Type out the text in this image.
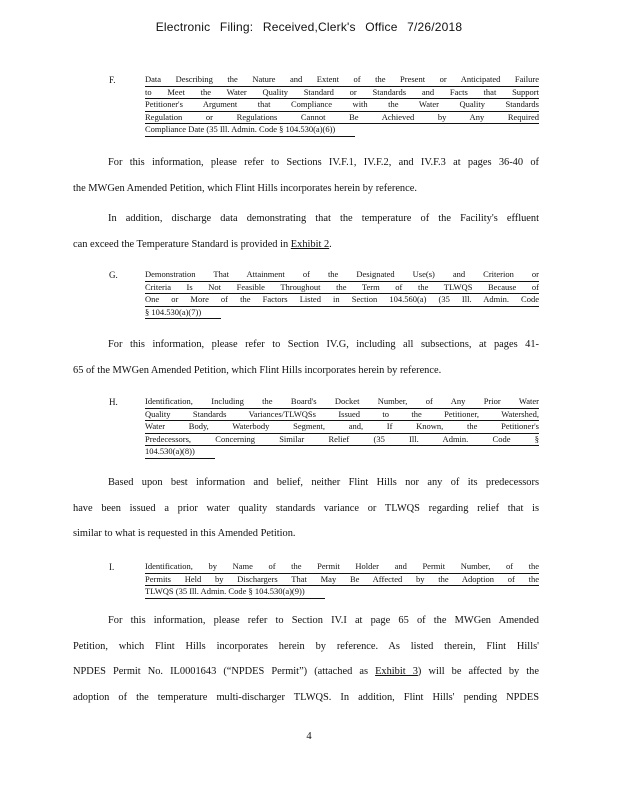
Electronic Filing: Received,Clerk's Office 7/26/2018
F.	Data Describing the Nature and Extent of the Present or Anticipated Failure
to Meet the Water Quality Standard or Standards and Facts that Support
Petitioner's Argument that Compliance with the Water Quality Standards
Regulation or Regulations Cannot Be Achieved by Any Required
Compliance Date (35 Ill. Admin. Code § 104.530(a)(6))
For this information, please refer to Sections IV.F.1, IV.F.2, and IV.F.3 at pages 36-40 of
the MWGen Amended Petition, which Flint Hills incorporates herein by reference.
In addition, discharge data demonstrating that the temperature of the Facility's effluent
can exceed the Temperature Standard is provided in Exhibit 2.
G.	Demonstration That Attainment of the Designated Use(s) and Criterion or
Criteria Is Not Feasible Throughout the Term of the TLWQS Because of
One or More of the Factors Listed in Section 104.560(a) (35 Ill. Admin. Code
§ 104.530(a)(7))
For this information, please refer to Section IV.G, including all subsections, at pages 41-
65 of the MWGen Amended Petition, which Flint Hills incorporates herein by reference.
H.	Identification, Including the Board's Docket Number, of Any Prior Water
Quality Standards Variances/TLWQSs Issued to the Petitioner, Watershed,
Water Body, Waterbody Segment, and, If Known, the Petitioner's
Predecessors, Concerning Similar Relief (35 Ill. Admin. Code §
104.530(a)(8))
Based upon best information and belief, neither Flint Hills nor any of its predecessors
have been issued a prior water quality standards variance or TLWQS regarding relief that is
similar to what is requested in this Amended Petition.
I.	Identification, by Name of the Permit Holder and Permit Number, of the
Permits Held by Dischargers That May Be Affected by the Adoption of the
TLWQS (35 Ill. Admin. Code § 104.530(a)(9))
For this information, please refer to Section IV.I at page 65 of the MWGen Amended
Petition, which Flint Hills incorporates herein by reference. As listed therein, Flint Hills'
NPDES Permit No. IL0001643 (“NPDES Permit”) (attached as Exhibit 3) will be affected by the
adoption of the temperature multi-discharger TLWQS. In addition, Flint Hills' pending NPDES
4
